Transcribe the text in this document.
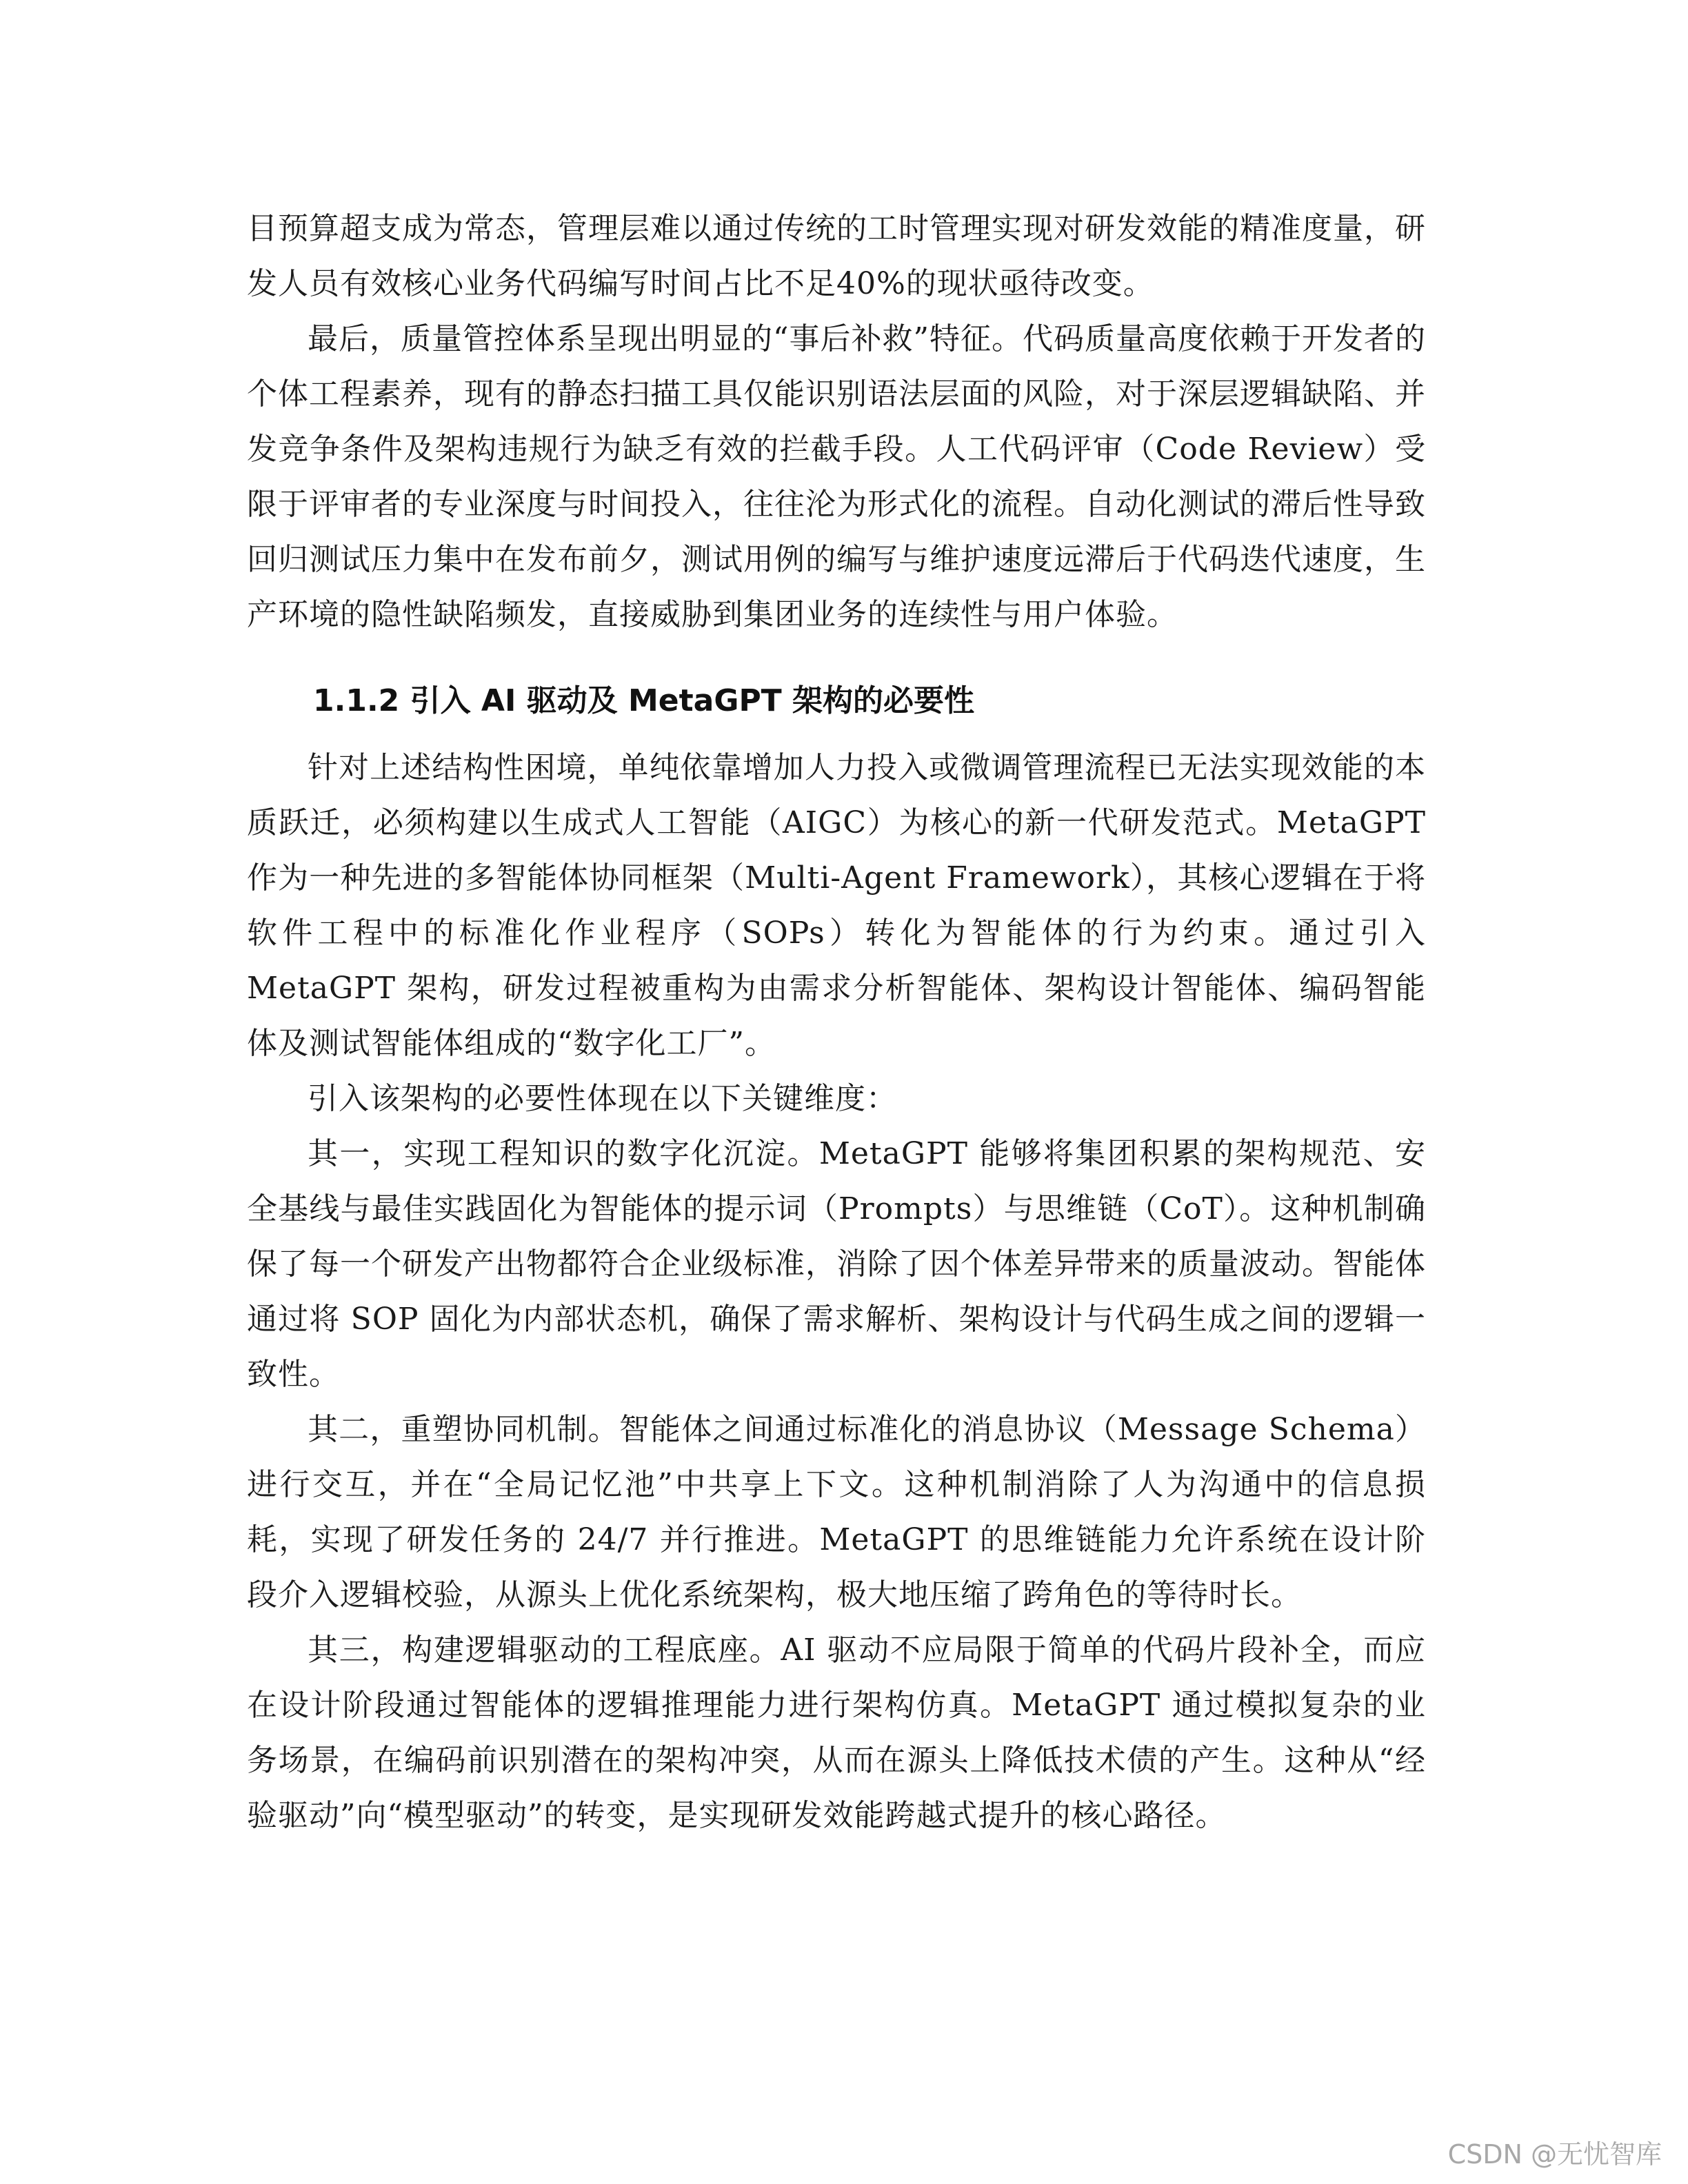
目预算超支成为常态，管理层难以通过传统的工时管理实现对研发效能的精准度量，研发人员有效核心业务代码编写时间占比不足40%的现状亟待改变。

最后，质量管控体系呈现出明显的“事后补救”特征。代码质量高度依赖于开发者的个体工程素养，现有的静态扫描工具仅能识别语法层面的风险，对于深层逻辑缺陷、并发竞争条件及架构违规行为缺乏有效的拦截手段。人工代码评审（Code Review）受限于评审者的专业深度与时间投入，往往沦为形式化的流程。自动化测试的滞后性导致回归测试压力集中在发布前夕，测试用例的编写与维护速度远滞后于代码迭代速度，生产环境的隐性缺陷频发，直接威胁到集团业务的连续性与用户体验。

1.1.2 引入 AI 驱动及 MetaGPT 架构的必要性

针对上述结构性困境，单纯依靠增加人力投入或微调管理流程已无法实现效能的本质跃迁，必须构建以生成式人工智能（AIGC）为核心的新一代研发范式。MetaGPT 作为一种先进的多智能体协同框架（Multi-Agent Framework），其核心逻辑在于将软件工程中的标准化作业程序（SOPs）转化为智能体的行为约束。通过引入 MetaGPT 架构，研发过程被重构为由需求分析智能体、架构设计智能体、编码智能体及测试智能体组成的“数字化工厂”。

引入该架构的必要性体现在以下关键维度：

其一，实现工程知识的数字化沉淀。MetaGPT 能够将集团积累的架构规范、安全基线与最佳实践固化为智能体的提示词（Prompts）与思维链（CoT）。这种机制确保了每一个研发产出物都符合企业级标准，消除了因个体差异带来的质量波动。智能体通过将 SOP 固化为内部状态机，确保了需求解析、架构设计与代码生成之间的逻辑一致性。

其二，重塑协同机制。智能体之间通过标准化的消息协议（Message Schema）进行交互，并在“全局记忆池”中共享上下文。这种机制消除了人为沟通中的信息损耗，实现了研发任务的 24/7 并行推进。MetaGPT 的思维链能力允许系统在设计阶段介入逻辑校验，从源头上优化系统架构，极大地压缩了跨角色的等待时长。

其三，构建逻辑驱动的工程底座。AI 驱动不应局限于简单的代码片段补全，而应在设计阶段通过智能体的逻辑推理能力进行架构仿真。MetaGPT 通过模拟复杂的业务场景，在编码前识别潜在的架构冲突，从而在源头上降低技术债的产生。这种从“经验驱动”向“模型驱动”的转变，是实现研发效能跨越式提升的核心路径。

CSDN @无忧智库
